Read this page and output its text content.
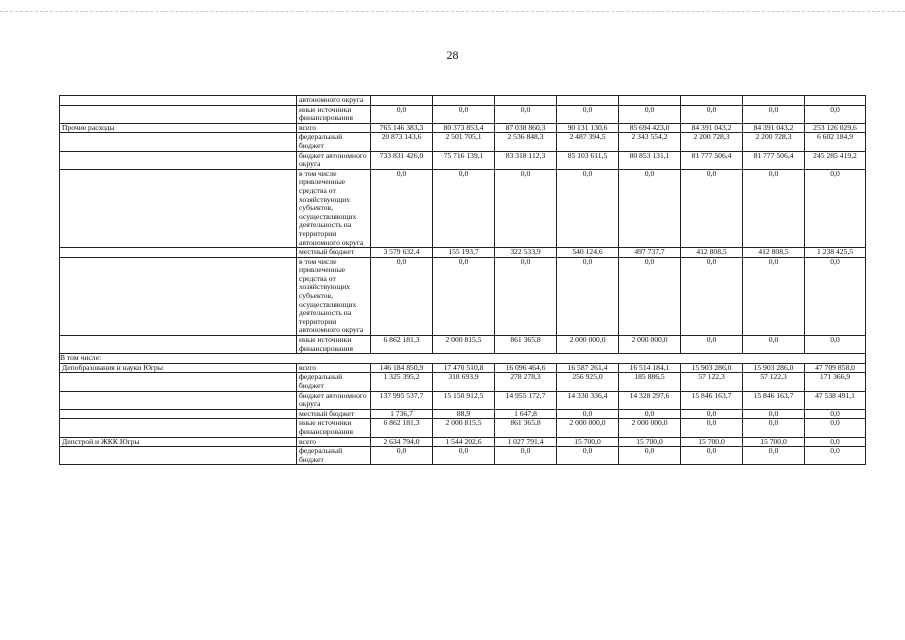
28
	автономного округа								
	иные источники финансирования	0,0	0,0	0,0	0,0	0,0	0,0	0,0	0,0
Прочие расходы	всего	765 146 383,3	80 373 853,4	87 038 860,3	90 131 130,6	85 694 423,0	84 391 043,2	84 391 043,2	253 126 029,6
	федеральный бюджет	20 873 143,6	2 501 705,1	2 536 848,3	2 487 394,5	2 343 554,2	2 200 728,3	2 200 728,3	6 602 184,9
	бюджет автономного округа	733 831 426,0	75 716 139,1	83 318 112,3	85 103 611,5	80 853 131,1	81 777 506,4	81 777 506,4	245 285 419,2
	в том числе привлеченные средства от хозяйствующих субъектов, осуществляющих деятельность на территории автономного округа	0,0	0,0	0,0	0,0	0,0	0,0	0,0	0,0
	местный бюджет	3 579 632,4	155 193,7	322 533,9	540 124,6	497 737,7	412 808,5	412 808,5	1 238 425,5
	в том числе привлеченные средства от хозяйствующих субъектов, осуществляющих деятельность на территории автономного округа	0,0	0,0	0,0	0,0	0,0	0,0	0,0	0,0
	иные источники финансирования	6 862 181,3	2 000 815,5	861 365,8	2 000 000,0	2 000 000,0	0,0	0,0	0,0
В том числе:									
Депобразования и науки Югры	всего	146 184 850,9	17 470 510,8	16 096 464,6	16 587 261,4	16 514 184,1	15 903 286,0	15 903 286,0	47 709 858,0
	федеральный бюджет	1 325 395,2	318 693,9	278 278,3	256 925,0	185 886,5	57 122,3	57 122,3	171 366,9
	бюджет автономного округа	137 995 537,7	15 150 912,5	14 955 172,7	14 330 336,4	14 328 297,6	15 846 163,7	15 846 163,7	47 538 491,1
	местный бюджет	1 736,7	88,9	1 647,8	0,0	0,0	0,0	0,0	0,0
	иные источники финансирования	6 862 181,3	2 000 815,5	861 365,8	2 000 000,0	2 000 000,0	0,0	0,0	0,0
Депстрой и ЖКК Югры	всего	2 634 794,0	1 544 202,6	1 027 791,4	15 700,0	15 700,0	15 700,0	15 700,0	0,0
	федеральный бюджет	0,0	0,0	0,0	0,0	0,0	0,0	0,0	0,0
